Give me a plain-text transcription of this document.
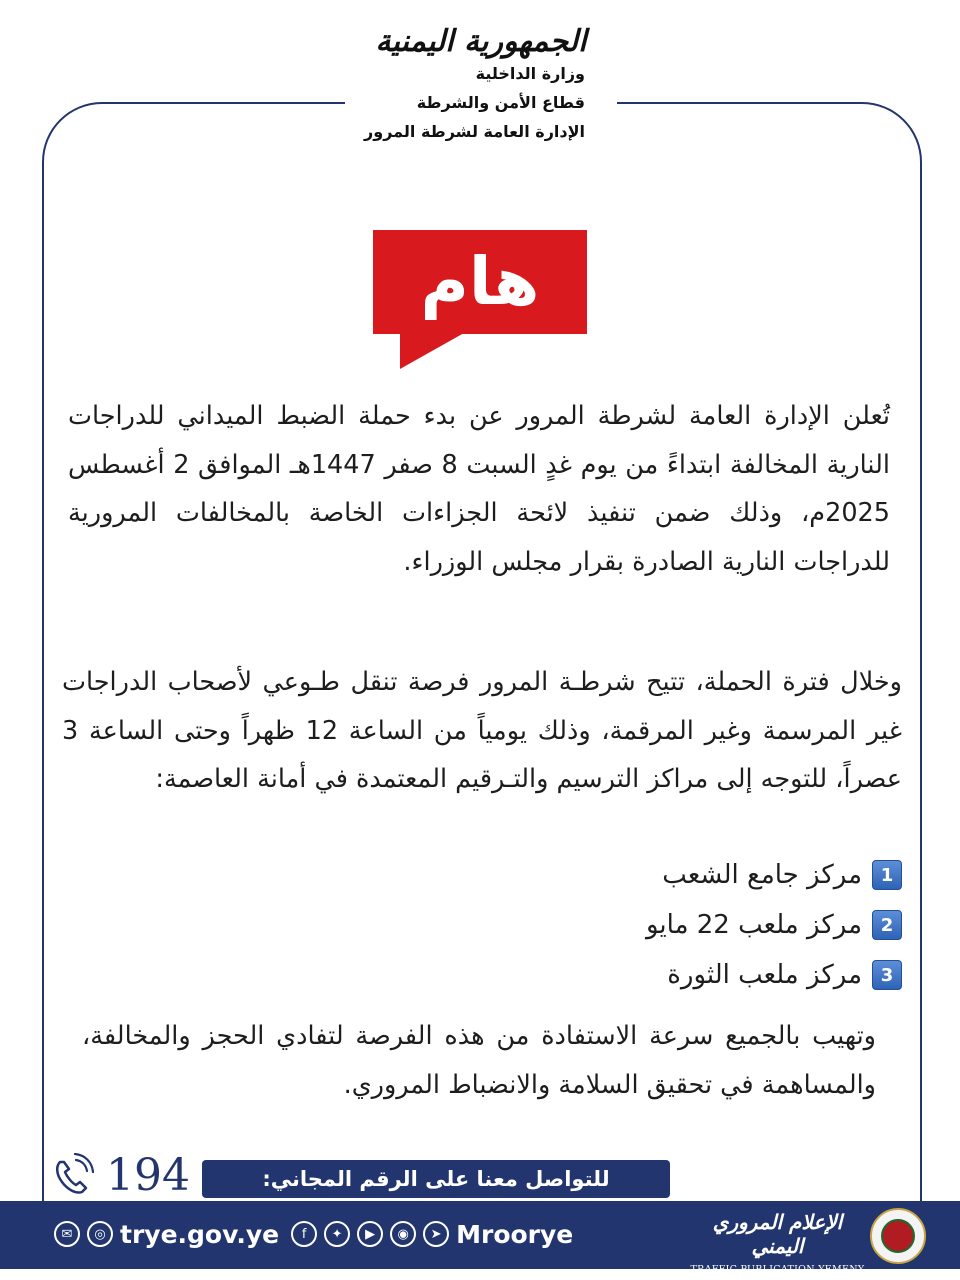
الجمهورية اليمنية
وزارة الداخلية
قطاع الأمن والشرطة
الإدارة العامة لشرطة المرور
هام
تُعلن الإدارة العامة لشرطة المرور عن بدء حملة الضبط الميداني للدراجات النارية المخالفة ابتداءً من يوم غدٍ السبت 8 صفر 1447هـ الموافق 2 أغسطس 2025م، وذلك ضمن تنفيذ لائحة الجزاءات الخاصة بالمخالفات المرورية للدراجات النارية الصادرة بقرار مجلس الوزراء.
وخلال فترة الحملة، تتيح شرطـة المرور فرصة تنقل طـوعي لأصحاب الدراجات غير المرسمة وغير المرقمة، وذلك يومياً من الساعة 12 ظهراً وحتى الساعة 3 عصراً، للتوجه إلى مراكز الترسيم والتـرقيم المعتمدة في أمانة العاصمة:
1
مركز جامع الشعب
2
مركز ملعب 22 مايو
3
مركز ملعب الثورة
وتهيب بالجميع سرعة الاستفادة من هذه الفرصة لتفادي الحجز والمخالفة، والمساهمة في تحقيق السلامة والانضباط المروري.
194	للتواصل معنا على الرقم المجاني:
✉	◎ trye.gov.ye	f	✦	▶	◉	➤ Mroorye	الإعلام المروري اليمني
TRAFFIC PUBLICATION YEMENY
